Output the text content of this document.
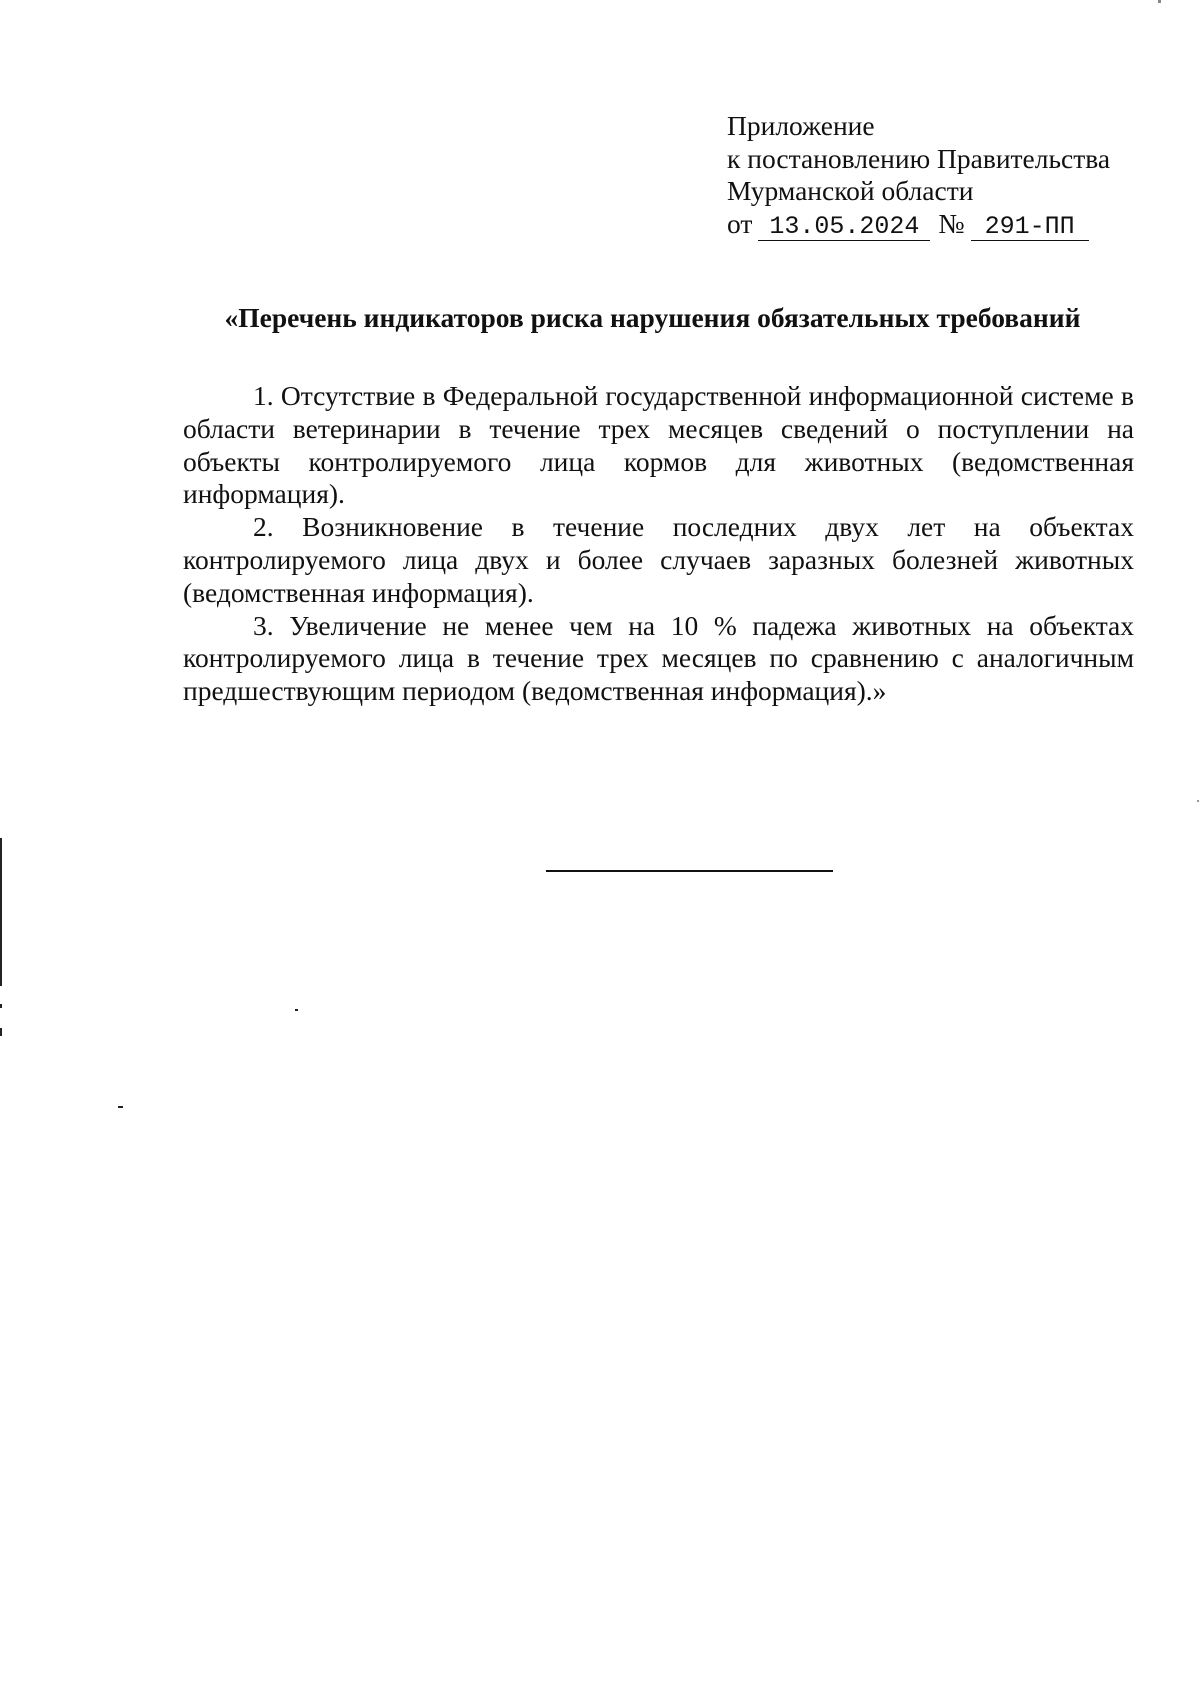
Приложение
к постановлению Правительства
Мурманской области
от 13.05.2024 № 291-ПП
«Перечень индикаторов риска нарушения обязательных требований

1. Отсутствие в Федеральной государственной информационной системе в области ветеринарии в течение трех месяцев сведений о поступлении на объекты контролируемого лица кормов для животных (ведомственная информация).

2. Возникновение в течение последних двух лет на объектах контролируемого лица двух и более случаев заразных болезней животных (ведомственная информация).

3. Увеличение не менее чем на 10 % падежа животных на объектах контролируемого лица в течение трех месяцев по сравнению с аналогичным предшествующим периодом (ведомственная информация).»
